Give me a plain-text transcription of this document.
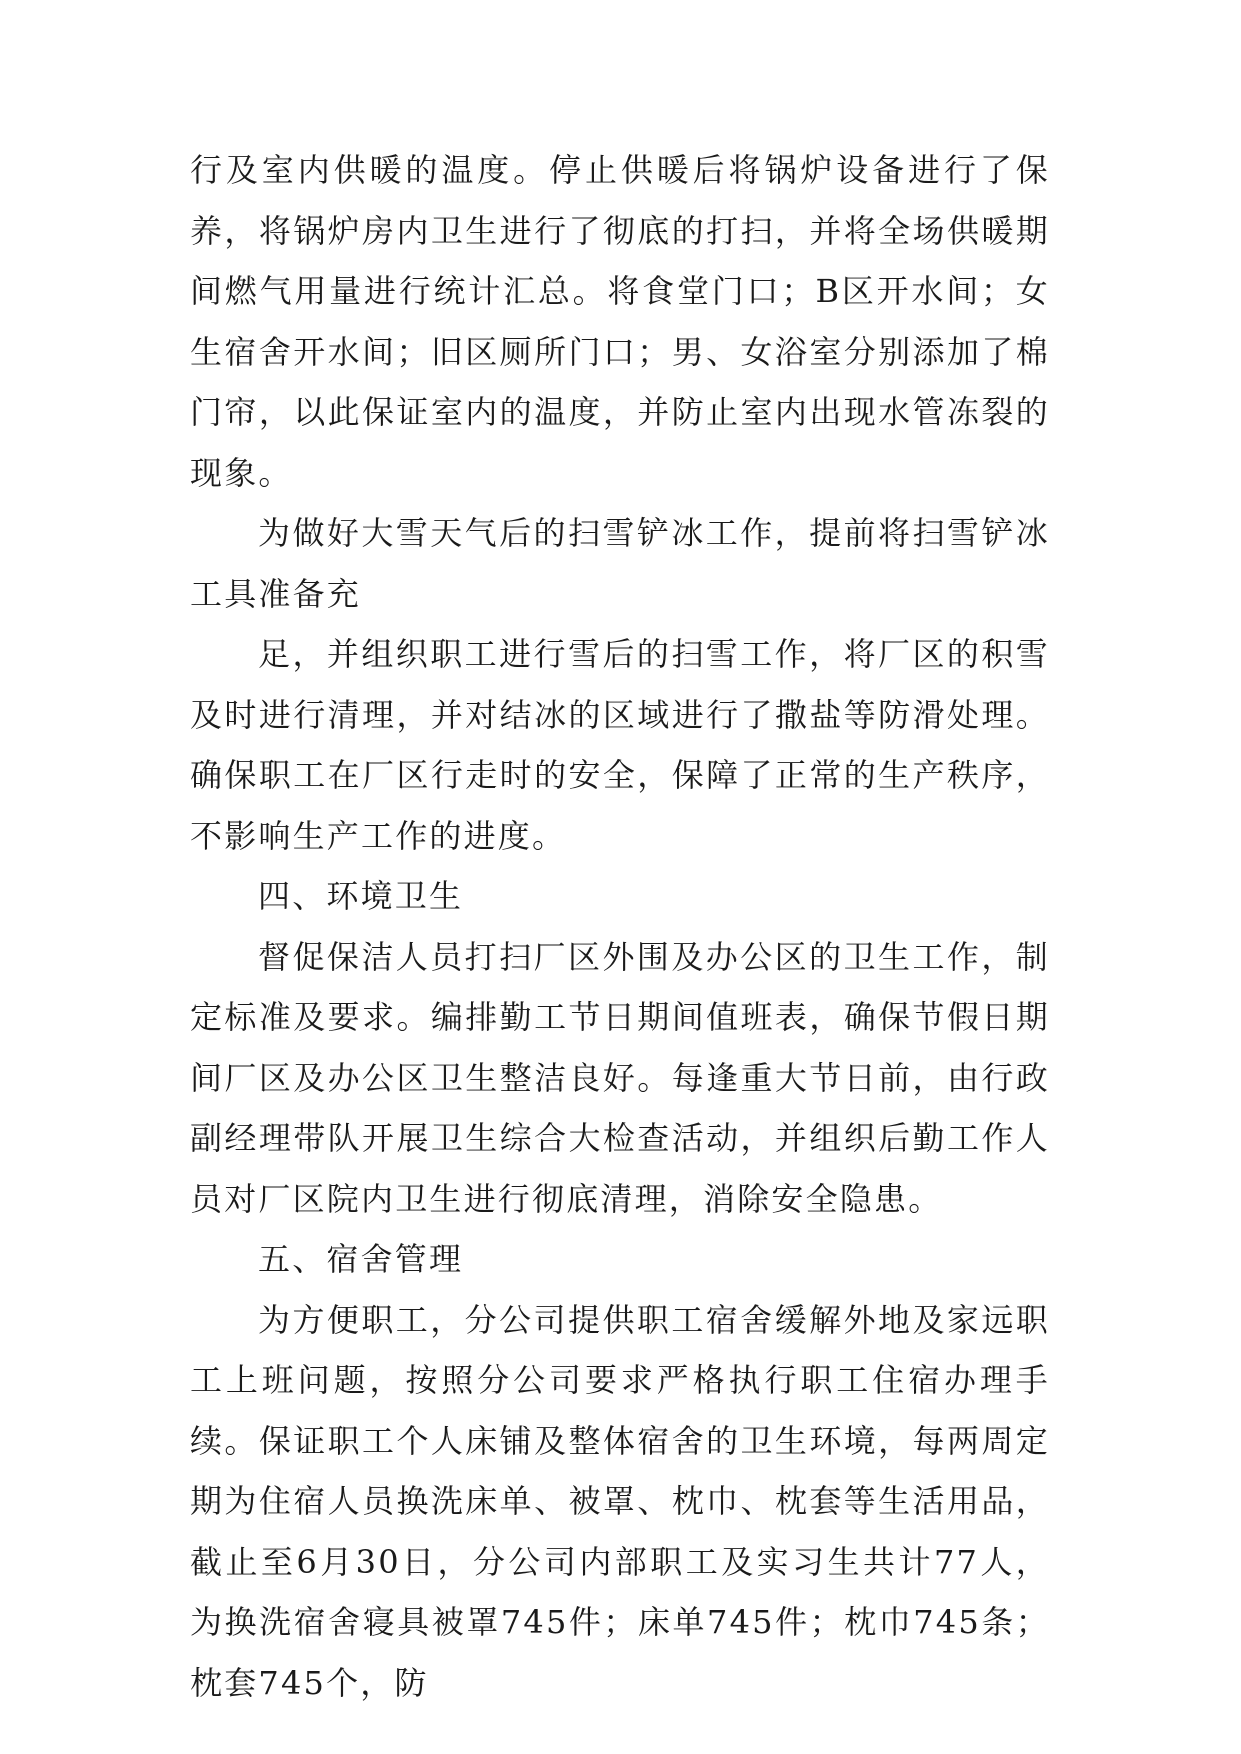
行及室内供暖的温度。停止供暖后将锅炉设备进行了保养，将锅炉房内卫生进行了彻底的打扫，并将全场供暖期间燃气用量进行统计汇总。将食堂门口；B区开水间；女生宿舍开水间；旧区厕所门口；男、女浴室分别添加了棉门帘，以此保证室内的温度，并防止室内出现水管冻裂的现象。

为做好大雪天气后的扫雪铲冰工作，提前将扫雪铲冰工具准备充

足，并组织职工进行雪后的扫雪工作，将厂区的积雪及时进行清理，并对结冰的区域进行了撒盐等防滑处理。确保职工在厂区行走时的安全，保障了正常的生产秩序，不影响生产工作的进度。

四、环境卫生

督促保洁人员打扫厂区外围及办公区的卫生工作，制定标准及要求。编排勤工节日期间值班表，确保节假日期间厂区及办公区卫生整洁良好。每逢重大节日前，由行政副经理带队开展卫生综合大检查活动，并组织后勤工作人员对厂区院内卫生进行彻底清理，消除安全隐患。

五、宿舍管理

为方便职工，分公司提供职工宿舍缓解外地及家远职工上班问题，按照分公司要求严格执行职工住宿办理手续。保证职工个人床铺及整体宿舍的卫生环境，每两周定期为住宿人员换洗床单、被罩、枕巾、枕套等生活用品，截止至6月30日，分公司内部职工及实习生共计77人，为换洗宿舍寝具被罩745件；床单745件；枕巾745条；枕套745个，防
